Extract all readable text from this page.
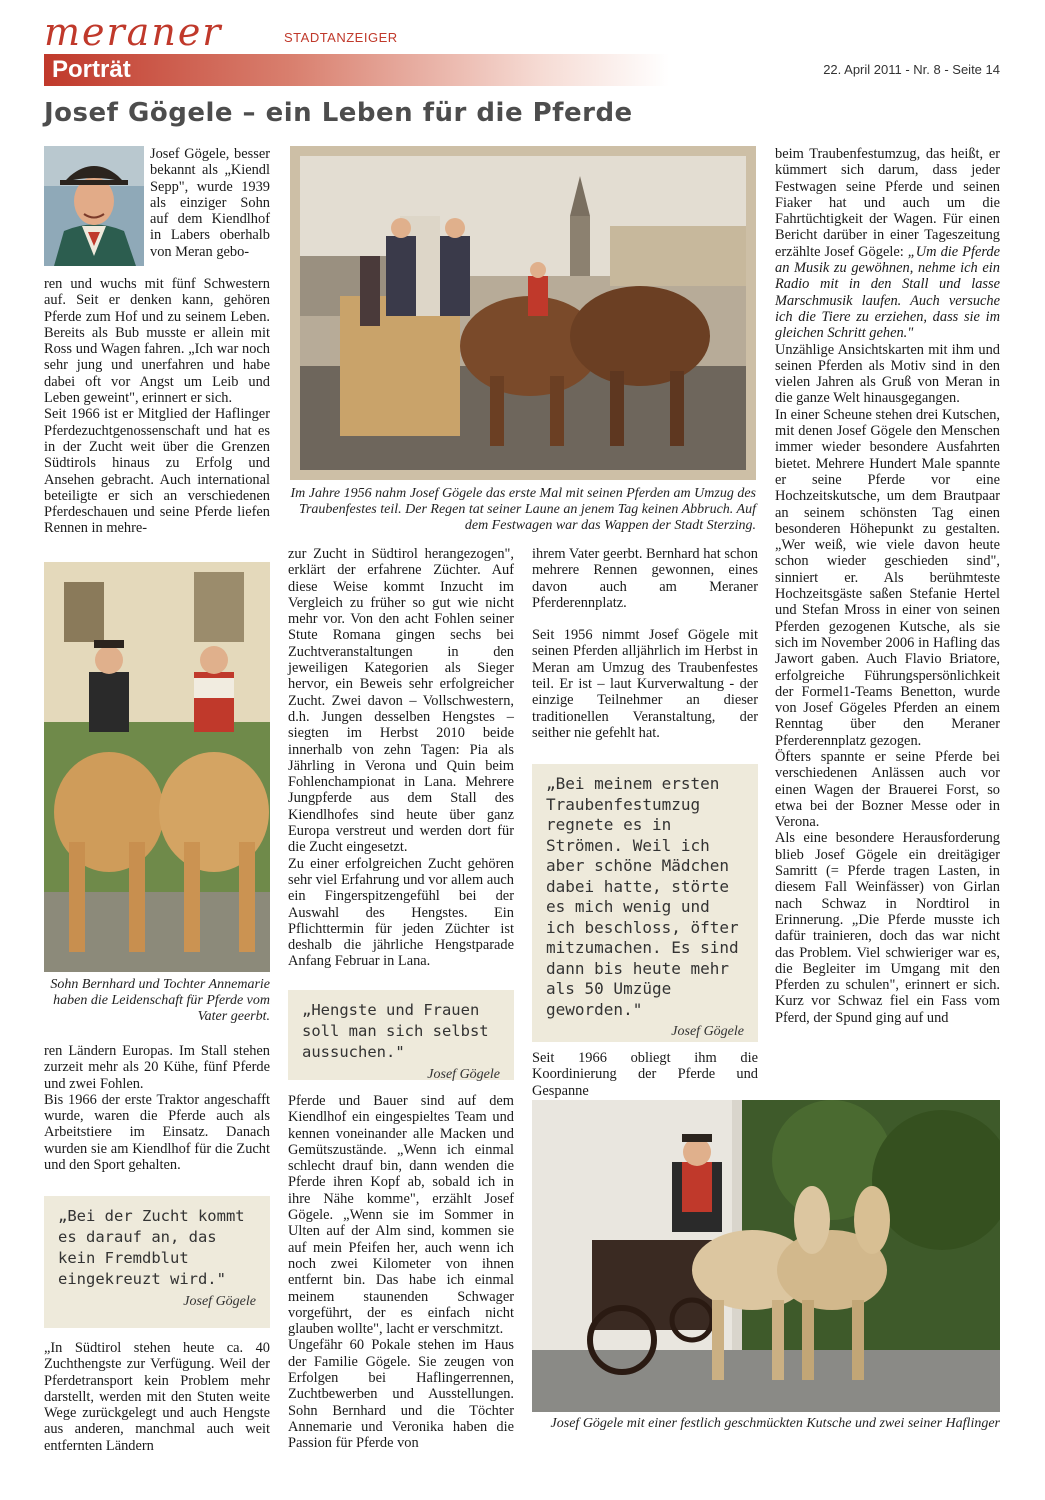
meraner	STADTANZEIGER
Porträt	22. April 2011 - Nr. 8 - Seite 14
Josef Gögele – ein Leben für die Pferde
Josef Gögele, besser bekannt als „Kiendl Sepp", wurde 1939 als einziger Sohn auf dem Kiendlhof in Labers oberhalb von Meran gebo-

ren und wuchs mit fünf Schwestern auf. Seit er denken kann, gehören Pferde zum Hof und zu seinem Leben. Bereits als Bub musste er allein mit Ross und Wagen fahren. „Ich war noch sehr jung und unerfahren und habe dabei oft vor Angst um Leib und Leben geweint", erinnert er sich.

Seit 1966 ist er Mitglied der Haflinger Pferdezuchtgenossenschaft und hat es in der Zucht weit über die Grenzen Südtirols hinaus zu Erfolg und Ansehen gebracht. Auch international beteiligte er sich an verschiedenen Pferdeschauen und seine Pferde liefen Rennen in mehre-

Sohn Bernhard und Tochter Annemarie haben die Leidenschaft für Pferde vom Vater geerbt.

ren Ländern Europas. Im Stall stehen zurzeit mehr als 20 Kühe, fünf Pferde und zwei Fohlen.

Bis 1966 der erste Traktor angeschafft wurde, waren die Pferde auch als Arbeitstiere im Einsatz. Danach wurden sie am Kiendlhof für die Zucht und den Sport gehalten.

„Bei der Zucht kommt es darauf an, das kein Fremdblut eingekreuzt wird."
Josef Gögele
„In Südtirol stehen heute ca. 40 Zuchthengste zur Verfügung. Weil der Pferdetransport kein Problem mehr darstellt, werden mit den Stuten weite Wege zurückgelegt und auch Hengste aus anderen, manchmal auch weit entfernten Ländern
Im Jahre 1956 nahm Josef Gögele das erste Mal mit seinen Pferden am Umzug des Traubenfestes teil. Der Regen tat seiner Laune an jenem Tag keinen Abbruch. Auf dem Festwagen war das Wappen der Stadt Sterzing.

zur Zucht in Südtirol herangezogen", erklärt der erfahrene Züchter. Auf diese Weise kommt Inzucht im Vergleich zu früher so gut wie nicht mehr vor. Von den acht Fohlen seiner Stute Romana gingen sechs bei Zuchtveranstaltungen in den jeweiligen Kategorien als Sieger hervor, ein Beweis sehr erfolgreicher Zucht. Zwei davon – Vollschwestern, d.h. Jungen desselben Hengstes – siegten im Herbst 2010 beide innerhalb von zehn Tagen: Pia als Jährling in Verona und Quin beim Fohlenchampionat in Lana. Mehrere Jungpferde aus dem Stall des Kiendlhofes sind heute über ganz Europa verstreut und werden dort für die Zucht eingesetzt.

Zu einer erfolgreichen Zucht gehören sehr viel Erfahrung und vor allem auch ein Fingerspitzengefühl bei der Auswahl des Hengstes. Ein Pflichttermin für jeden Züchter ist deshalb die jährliche Hengstparade Anfang Februar in Lana.

„Hengste und Frauen soll man sich selbst aussuchen."
Josef Gögele

Pferde und Bauer sind auf dem Kiendlhof ein eingespieltes Team und kennen voneinander alle Macken und Gemütszustände. „Wenn ich einmal schlecht drauf bin, dann wenden die Pferde ihren Kopf ab, sobald ich in ihre Nähe komme", erzählt Josef Gögele. „Wenn sie im Sommer in Ulten auf der Alm sind, kommen sie auf mein Pfeifen her, auch wenn ich noch zwei Kilometer von ihnen entfernt bin. Das habe ich einmal meinem staunenden Schwager vorgeführt, der es einfach nicht glauben wollte", lacht er verschmitzt.

Ungefähr 60 Pokale stehen im Haus der Familie Gögele. Sie zeugen von Erfolgen bei Haflingerrennen, Zuchtbewerben und Ausstellungen. Sohn Bernhard und die Töchter Annemarie und Veronika haben die Passion für Pferde von

ihrem Vater geerbt. Bernhard hat schon mehrere Rennen gewonnen, eines davon auch am Meraner Pferderennplatz.

Seit 1956 nimmt Josef Gögele mit seinen Pferden alljährlich im Herbst in Meran am Umzug des Traubenfestes teil. Er ist – laut Kurverwaltung - der einzige Teilnehmer an dieser traditionellen Veranstaltung, der seither nie gefehlt hat.

„Bei meinem ersten Traubenfestumzug regnete es in Strömen. Weil ich aber schöne Mädchen dabei hatte, störte es mich wenig und ich beschloss, öfter mitzumachen. Es sind dann bis heute mehr als 50 Umzüge geworden."
Josef Gögele
Seit 1966 obliegt ihm die Koordinierung der Pferde und Gespanne

beim Traubenfestumzug, das heißt, er kümmert sich darum, dass jeder Festwagen seine Pferde und seinen Fiaker hat und auch um die Fahrtüchtigkeit der Wagen. Für einen Bericht darüber in einer Tageszeitung erzählte Josef Gögele: „Um die Pferde an Musik zu gewöhnen, nehme ich ein Radio mit in den Stall und lasse Marschmusik laufen. Auch versuche ich die Tiere zu erziehen, dass sie im gleichen Schritt gehen."

Unzählige Ansichtskarten mit ihm und seinen Pferden als Motiv sind in den vielen Jahren als Gruß von Meran in die ganze Welt hinausgegangen.

In einer Scheune stehen drei Kutschen, mit denen Josef Gögele den Menschen immer wieder besondere Ausfahrten bietet. Mehrere Hundert Male spannte er seine Pferde vor eine Hochzeitskutsche, um dem Brautpaar an seinem schönsten Tag einen besonderen Höhepunkt zu gestalten. „Wer weiß, wie viele davon heute schon wieder geschieden sind", sinniert er. Als berühmteste Hochzeitsgäste saßen Stefanie Hertel und Stefan Mross in einer von seinen Pferden gezogenen Kutsche, als sie sich im November 2006 in Hafling das Jawort gaben. Auch Flavio Briatore, erfolgreiche Führungspersönlichkeit der Formel1-Teams Benetton, wurde von Josef Gögeles Pferden an einem Renntag über den Meraner Pferderennplatz gezogen.

Öfters spannte er seine Pferde bei verschiedenen Anlässen auch vor einen Wagen der Brauerei Forst, so etwa bei der Bozner Messe oder in Verona.

Als eine besondere Herausforderung blieb Josef Gögele ein dreitägiger Samritt (= Pferde tragen Lasten, in diesem Fall Weinfässer) von Girlan nach Schwaz in Nordtirol in Erinnerung. „Die Pferde musste ich dafür trainieren, doch das war nicht das Problem. Viel schwieriger war es, die Begleiter im Umgang mit den Pferden zu schulen", erinnert er sich. Kurz vor Schwaz fiel ein Fass vom Pferd, der Spund ging auf und

Josef Gögele mit einer festlich geschmückten Kutsche und zwei seiner Haflinger
